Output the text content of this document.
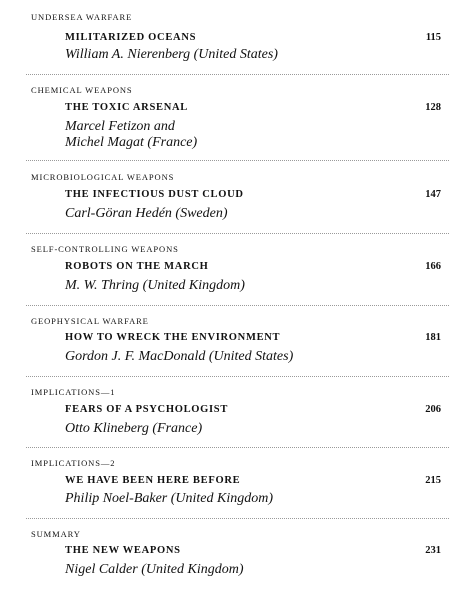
UNDERSEA WARFARE
MILITARIZED OCEANS	115
William A. Nierenberg (United States)
CHEMICAL WEAPONS
THE TOXIC ARSENAL	128
Marcel Fetizon and
Michel Magat (France)
MICROBIOLOGICAL WEAPONS
THE INFECTIOUS DUST CLOUD	147
Carl-Göran Hedén (Sweden)
SELF-CONTROLLING WEAPONS
ROBOTS ON THE MARCH	166
M. W. Thring (United Kingdom)
GEOPHYSICAL WARFARE
HOW TO WRECK THE ENVIRONMENT	181
Gordon J. F. MacDonald (United States)
IMPLICATIONS—1
FEARS OF A PSYCHOLOGIST	206
Otto Klineberg (France)
IMPLICATIONS—2
WE HAVE BEEN HERE BEFORE	215
Philip Noel-Baker (United Kingdom)
SUMMARY
THE NEW WEAPONS	231
Nigel Calder (United Kingdom)
